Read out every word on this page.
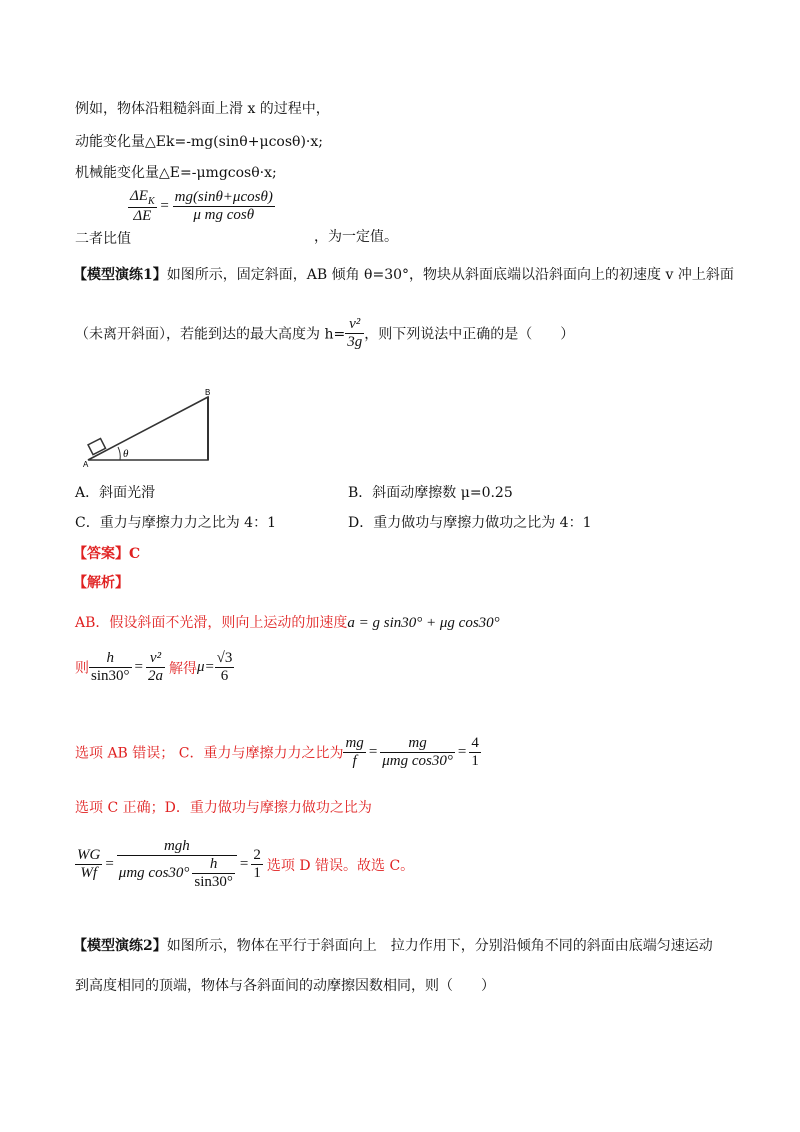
例如，物体沿粗糙斜面上滑 x 的过程中，
动能变化量△Ek=-mg(sinθ+μcosθ)·x;
机械能变化量△E=-μmgcosθ·x;
$\frac{\Delta E_K}{\Delta E} = \frac{mg(\sin\theta+\mu\cos\theta)}{\text{μ mg cosθ}}$
二者比值	，为一定值。
【模型演练1】如图所示，固定斜面，AB 倾角 θ=30°，物块从斜面底端以沿斜面向上的初速度 v 冲上斜面
（未离开斜面），若能到达的最大高度为 $h= \frac{\text{v²}}{3g}$ ，则下列说法中正确的是（　　）
A
B
θ
A．斜面光滑	B．斜面动摩擦数 μ=0.25
C．重力与摩擦力力之比为 4：1	D．重力做功与摩擦力做功之比为 4：1
【答案】C
【解析】
AB．假设斜面不光滑，则向上运动的加速度a = g sin30° + μg cos30°
则 $\frac{h}{\sin 30^\circ} = \frac{\text{v²}}{2a}$ 解得$\mu= \frac{√3}{6}$
选项 AB 错误； C．重力与摩擦力力之比为 $\frac{mg}{f} = \frac{mg}{\text{μmg cos30°}} = \frac{4}{1}$
选项 C 正确；D．重力做功与摩擦力做功之比为
$\frac{WG}{Wf} = \frac{\text{mgh}}{\mu mg \cos 30^\circ \frac{h}{\sin 30^\circ}} = \frac{2}{1}$ 选项 D 错误。故选 C。
【模型演练2】如图所示，物体在平行于斜面向上　拉力作用下，分别沿倾角不同的斜面由底端匀速运动
到高度相同的顶端，物体与各斜面间的动摩擦因数相同，则（　　）
